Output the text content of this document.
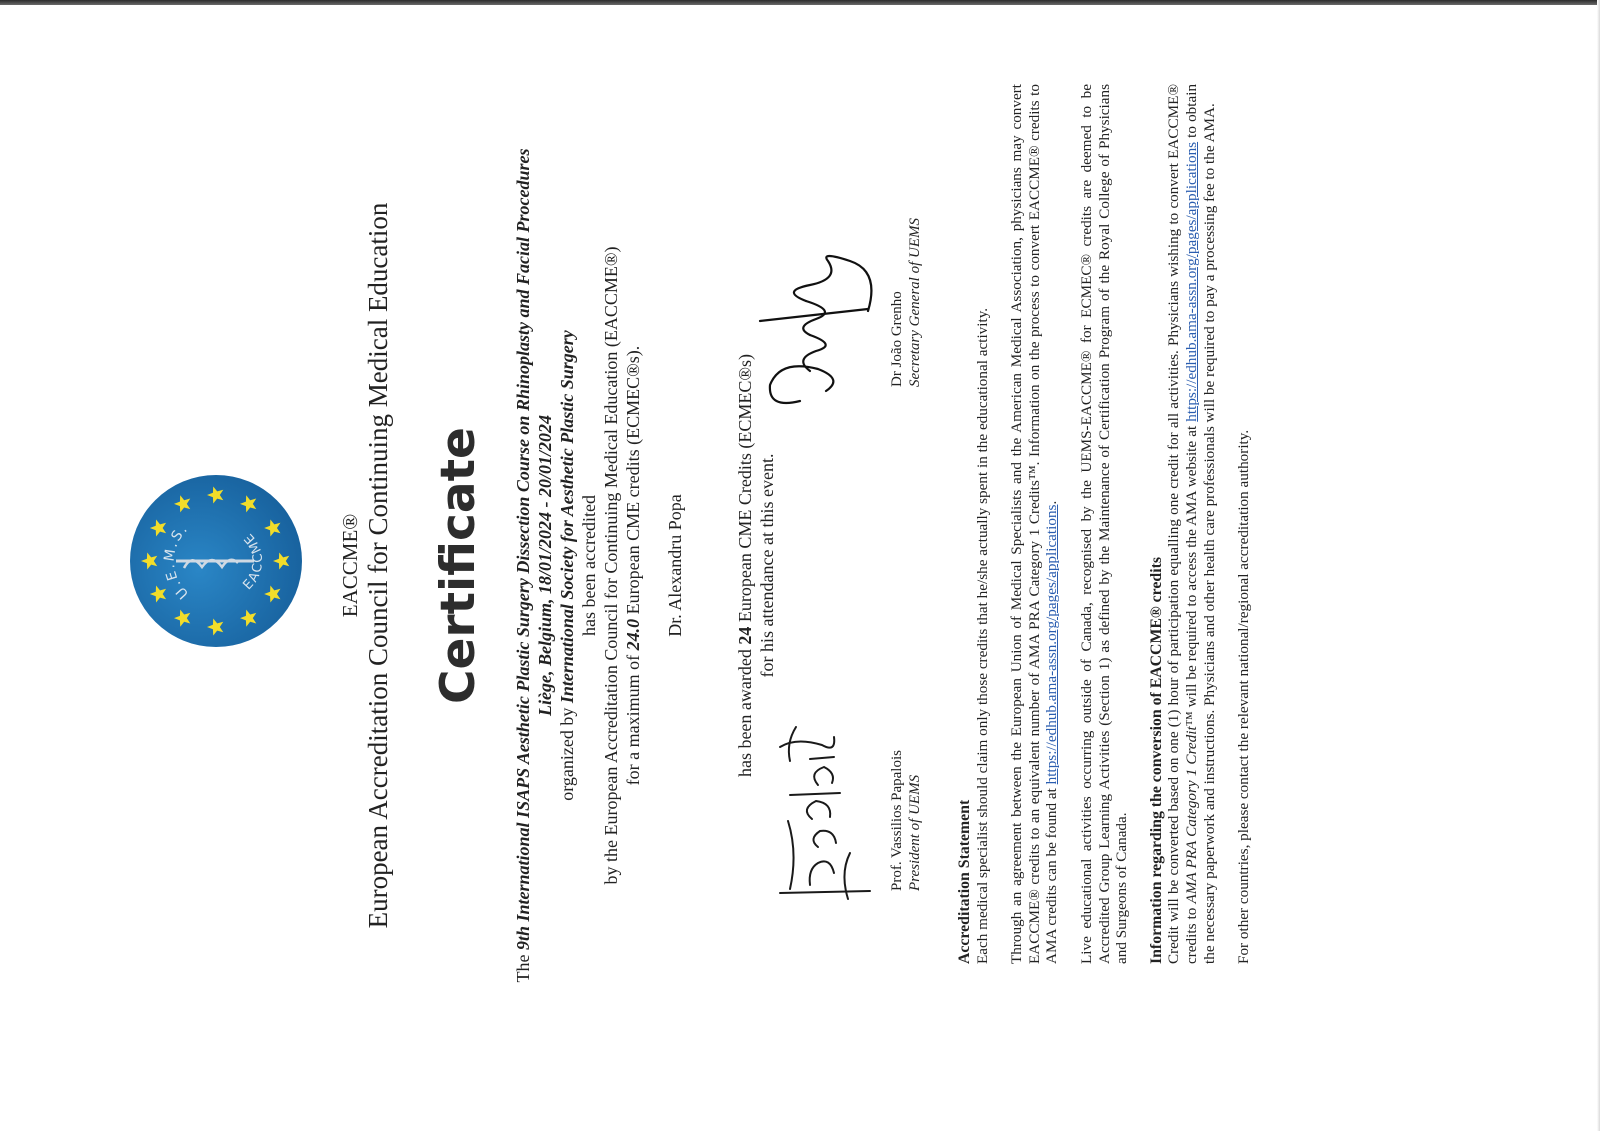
U.E.M.S.
EACCME	EACCME® European Accreditation Council for Continuing Medical Education Certificate
The 9th International ISAPS Aesthetic Plastic Surgery Dissection Course on Rhinoplasty and Facial Procedures Liège, Belgium, 18/01/2024 - 20/01/2024
organized by International Society for Aesthetic Plastic Surgery has been accredited by the European Accreditation Council for Continuing Medical Education (EACCME®) for a maximum of 24.0 European CME credits (ECMEC®s). Dr. Alexandru Popa
has been awarded 24 European CME Credits (ECMEC®s) for his attendance at this event.
Prof. Vassilios Papalois President of UEMS
Dr João Grenho Secretary General of UEMS

Accreditation Statement Each medical specialist should claim only those credits that he/she actually spent in the educational activity. Through an agreement between the European Union of Medical Specialists and the American Medical Association, physicians may convert EACCME® credits to an equivalent number of AMA PRA Category 1 Credits™. Information on the process to convert EACCME® credits to AMA credits can be found at https://edhub.ama-assn.org/pages/applications. Live educational activities occurring outside of Canada, recognised by the UEMS-EACCME® for ECMEC® credits are deemed to be Accredited Group Learning Activities (Section 1) as defined by the Maintenance of Certification Program of the Royal College of Physicians and Surgeons of Canada. Information regarding the conversion of EACCME® credits Credit will be converted based on one (1) hour of participation equalling one credit for all activities. Physicians wishing to convert EACCME® credits to AMA PRA Category 1 Credit™ will be required to access the AMA website at https://edhub.ama-assn.org/pages/applications to obtain the necessary paperwork and instructions. Physicians and other health care professionals will be required to pay a processing fee to the AMA. For other countries, please contact the relevant national/regional accreditation authority.
